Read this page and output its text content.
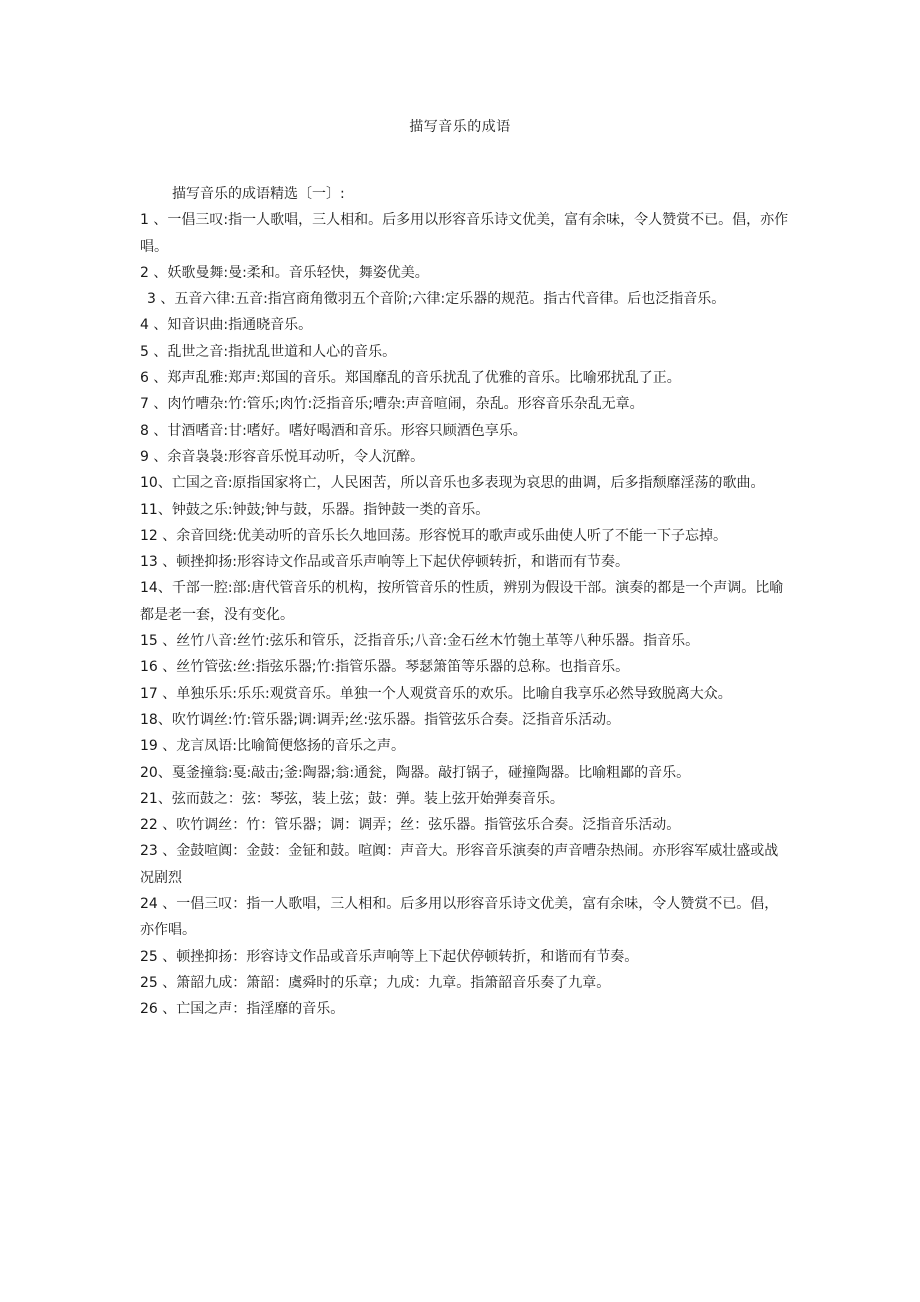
描写音乐的成语

描写音乐的成语精选〔一〕:

1 、一倡三叹:指一人歌唱，三人相和。后多用以形容音乐诗文优美，富有余味，令人赞赏不已。倡，亦作唱。

2 、妖歌曼舞:曼:柔和。音乐轻快，舞姿优美。

3 、五音六律:五音:指宫商角徵羽五个音阶;六律:定乐器的规范。指古代音律。后也泛指音乐。

4 、知音识曲:指通晓音乐。

5 、乱世之音:指扰乱世道和人心的音乐。

6 、郑声乱雅:郑声:郑国的音乐。郑国靡乱的音乐扰乱了优雅的音乐。比喻邪扰乱了正。

7 、肉竹嘈杂:竹:管乐;肉竹:泛指音乐;嘈杂:声音喧闹，杂乱。形容音乐杂乱无章。

8 、甘酒嗜音:甘:嗜好。嗜好喝酒和音乐。形容只顾酒色享乐。

9 、余音袅袅:形容音乐悦耳动听，令人沉醉。

10、亡国之音:原指国家将亡，人民困苦，所以音乐也多表现为哀思的曲调，后多指颓靡淫荡的歌曲。

11、钟鼓之乐:钟鼓;钟与鼓，乐器。指钟鼓一类的音乐。

12 、余音回绕:优美动听的音乐长久地回荡。形容悦耳的歌声或乐曲使人听了不能一下子忘掉。

13 、顿挫抑扬:形容诗文作品或音乐声响等上下起伏停顿转折，和谐而有节奏。

14、千部一腔:部:唐代管音乐的机构，按所管音乐的性质，辨别为假设干部。演奏的都是一个声调。比喻都是老一套，没有变化。

15 、丝竹八音:丝竹:弦乐和管乐，泛指音乐;八音:金石丝木竹匏土革等八种乐器。指音乐。

16 、丝竹管弦:丝:指弦乐器;竹:指管乐器。琴瑟箫笛等乐器的总称。也指音乐。

17 、单独乐乐:乐乐:观赏音乐。单独一个人观赏音乐的欢乐。比喻自我享乐必然导致脱离大众。

18、吹竹调丝:竹:管乐器;调:调弄;丝:弦乐器。指管弦乐合奏。泛指音乐活动。

19 、龙言凤语:比喻简便悠扬的音乐之声。

20、戛釜撞翁:戛:敲击;釜:陶器;翁:通瓮，陶器。敲打锅子，碰撞陶器。比喻粗鄙的音乐。

21、弦而鼓之：弦：琴弦，装上弦；鼓：弹。装上弦开始弹奏音乐。

22 、吹竹调丝：竹：管乐器；调：调弄；丝：弦乐器。指管弦乐合奏。泛指音乐活动。

23 、金鼓喧阗：金鼓：金钲和鼓。喧阗：声音大。形容音乐演奏的声音嘈杂热闹。亦形容军威壮盛或战况剧烈

24 、一倡三叹：指一人歌唱，三人相和。后多用以形容音乐诗文优美，富有余味，令人赞赏不已。倡，亦作唱。

25 、顿挫抑扬：形容诗文作品或音乐声响等上下起伏停顿转折，和谐而有节奏。

25 、箫韶九成：箫韶：虞舜时的乐章；九成：九章。指箫韶音乐奏了九章。

26 、亡国之声：指淫靡的音乐。
